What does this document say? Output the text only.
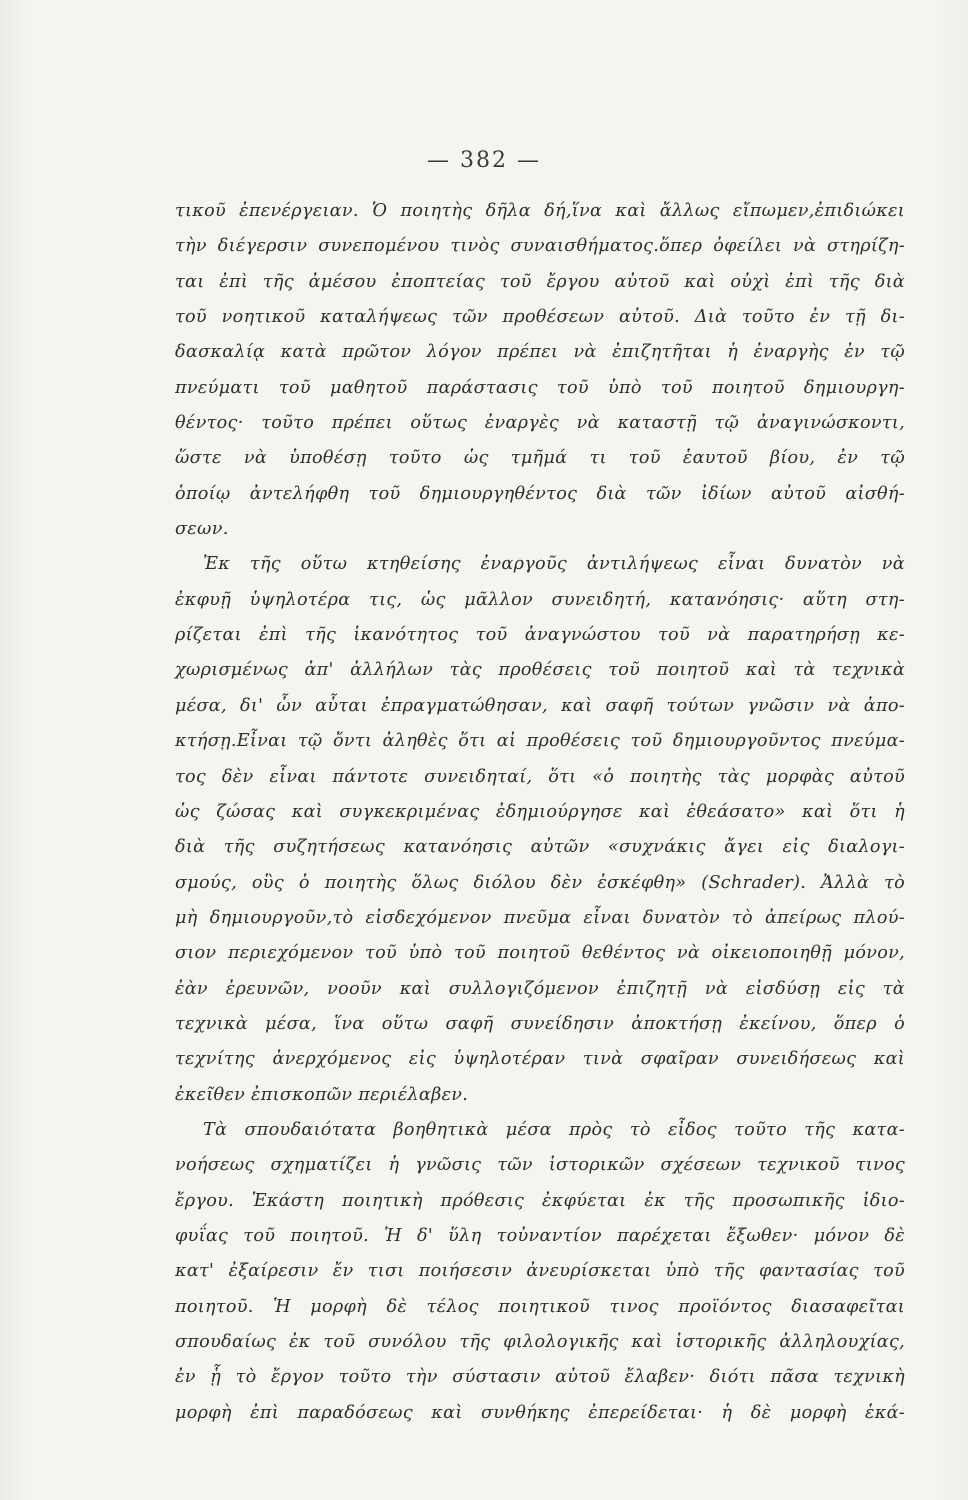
— 382 —
τικοῦ ἐπενέργειαν. Ὁ ποιητὴς δῆλα δή,ἵνα καὶ ἄλλως εἴπωμεν,ἐπιδιώκει
τὴν διέγερσιν συνεπομένου τινὸς συναισθήματος.ὅπερ ὀφείλει νὰ στηρίζη-
ται ἐπὶ τῆς ἀμέσου ἐποπτείας τοῦ ἔργου αὐτοῦ καὶ οὐχὶ ἐπὶ τῆς διὰ
τοῦ νοητικοῦ καταλήψεως τῶν προθέσεων αὐτοῦ. Διὰ τοῦτο ἐν τῇ δι-
δασκαλίᾳ κατὰ πρῶτον λόγον πρέπει νὰ ἐπιζητῆται ἡ ἐναργὴς ἐν τῷ
πνεύματι τοῦ μαθητοῦ παράστασις τοῦ ὑπὸ τοῦ ποιητοῦ δημιουργη-
θέντος· τοῦτο πρέπει οὕτως ἐναργὲς νὰ καταστῇ τῷ ἀναγινώσκοντι,
ὥστε νὰ ὑποθέσῃ τοῦτο ὡς τμῆμά τι τοῦ ἑαυτοῦ βίου, ἐν τῷ
ὁποίῳ ἀντελήφθη τοῦ δημιουργηθέντος διὰ τῶν ἰδίων αὐτοῦ αἰσθή-
σεων.
Ἐκ τῆς οὕτω κτηθείσης ἐναργοῦς ἀντιλήψεως εἶναι δυνατὸν νὰ
ἐκφυῇ ὑψηλοτέρα τις, ὡς μᾶλλον συνειδητή, κατανόησις· αὕτη στη-
ρίζεται ἐπὶ τῆς ἱκανότητος τοῦ ἀναγνώστου τοῦ νὰ παρατηρήσῃ κε-
χωρισμένως ἀπ' ἀλλήλων τὰς προθέσεις τοῦ ποιητοῦ καὶ τὰ τεχνικὰ
μέσα, δι' ὧν αὗται ἐπραγματώθησαν, καὶ σαφῆ τούτων γνῶσιν νὰ ἀπο-
κτήσῃ.Εἶναι τῷ ὄντι ἀληθὲς ὅτι αἱ προθέσεις τοῦ δημιουργοῦντος πνεύμα-
τος δὲν εἶναι πάντοτε συνειδηταί, ὅτι «ὁ ποιητὴς τὰς μορφὰς αὐτοῦ
ὡς ζώσας καὶ συγκεκριμένας ἐδημιούργησε καὶ ἐθεάσατο» καὶ ὅτι ἡ
διὰ τῆς συζητήσεως κατανόησις αὐτῶν «συχνάκις ἄγει εἰς διαλογι-
σμούς, οὓς ὁ ποιητὴς ὅλως διόλου δὲν ἐσκέφθη» (Schrader). Ἀλλὰ τὸ
μὴ δημιουργοῦν,τὸ εἰσδεχόμενον πνεῦμα εἶναι δυνατὸν τὸ ἀπείρως πλού-
σιον περιεχόμενον τοῦ ὑπὸ τοῦ ποιητοῦ θεθέντος νὰ οἰκειοποιηθῇ μόνον,
ἐὰν ἐρευνῶν, νοοῦν καὶ συλλογιζόμενον ἐπιζητῇ νὰ εἰσδύσῃ εἰς τὰ
τεχνικὰ μέσα, ἵνα οὕτω σαφῆ συνείδησιν ἀποκτήσῃ ἐκείνου, ὅπερ ὁ
τεχνίτης ἀνερχόμενος εἰς ὑψηλοτέραν τινὰ σφαῖραν συνειδήσεως καὶ
ἐκεῖθεν ἐπισκοπῶν περιέλαβεν.
Τὰ σπουδαιότατα βοηθητικὰ μέσα πρὸς τὸ εἶδος τοῦτο τῆς κατα-
νοήσεως σχηματίζει ἡ γνῶσις τῶν ἱστορικῶν σχέσεων τεχνικοῦ τινος
ἔργου. Ἑκάστη ποιητικὴ πρόθεσις ἐκφύεται ἐκ τῆς προσωπικῆς ἰδιο-
φυΐας τοῦ ποιητοῦ. Ἡ δ' ὕλη τοὐναντίον παρέχεται ἔξωθεν· μόνον δὲ
κατ' ἐξαίρεσιν ἔν τισι ποιήσεσιν ἀνευρίσκεται ὑπὸ τῆς φαντασίας τοῦ
ποιητοῦ. Ἡ μορφὴ δὲ τέλος ποιητικοῦ τινος προϊόντος διασαφεῖται
σπουδαίως ἐκ τοῦ συνόλου τῆς φιλολογικῆς καὶ ἱστορικῆς ἀλληλουχίας,
ἐν ᾗ τὸ ἔργον τοῦτο τὴν σύστασιν αὐτοῦ ἔλαβεν· διότι πᾶσα τεχνικὴ
μορφὴ ἐπὶ παραδόσεως καὶ συνθήκης ἐπερείδεται· ἡ δὲ μορφὴ ἑκά-
